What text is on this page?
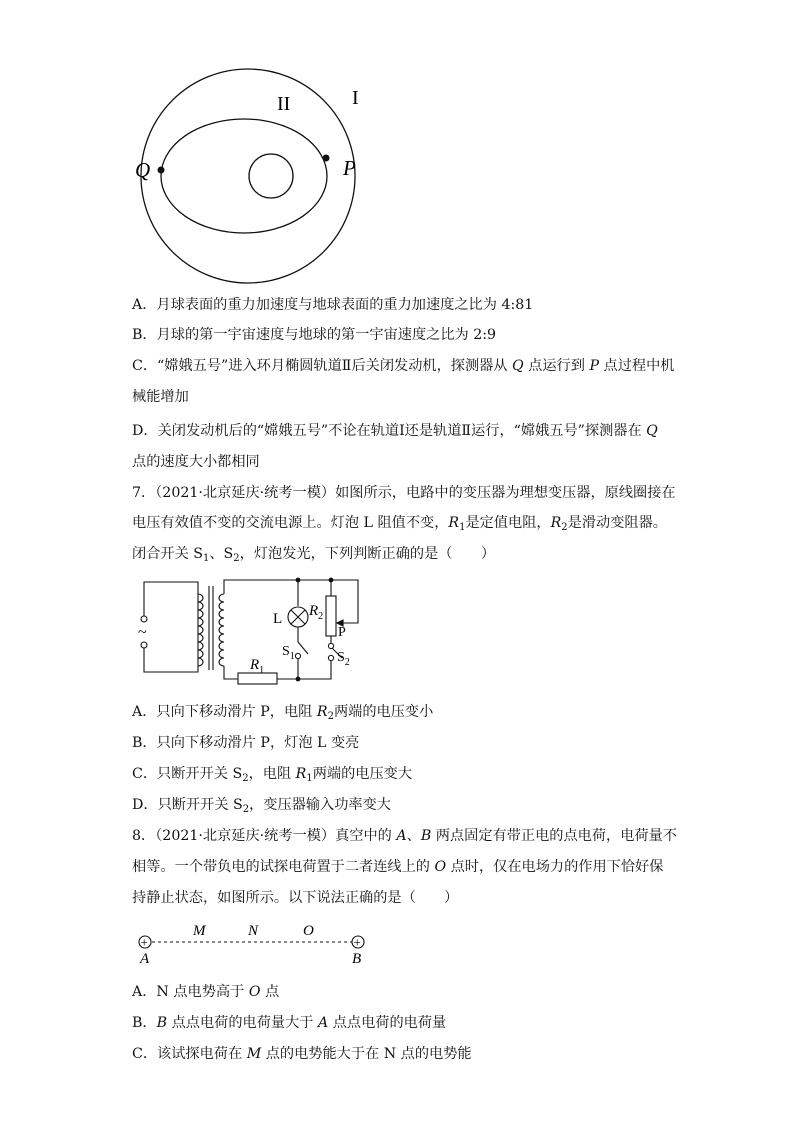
I
II
Q	P
A．月球表面的重力加速度与地球表面的重力加速度之比为 4:81
B．月球的第一宇宙速度与地球的第一宇宙速度之比为 2:9
C．“嫦娥五号”进入环月椭圆轨道Ⅱ后关闭发动机，探测器从 Q 点运行到 P 点过程中机
械能增加
D．关闭发动机后的“嫦娥五号”不论在轨道Ⅰ还是轨道Ⅱ运行，“嫦娥五号”探测器在 Q
点的速度大小都相同
7．（2021·北京延庆·统考一模）如图所示，电路中的变压器为理想变压器，原线圈接在
电压有效值不变的交流电源上。灯泡 L 阻值不变，$R_1$是定值电阻，$R_2$是滑动变阻器。
闭合开关 $S_1$、$S_2$，灯泡发光，下列判断正确的是（　　）
~
L $R_2$
P
$S_1$	$S_2$
$R_1$
A．只向下移动滑片 P，电阻 $R_2$两端的电压变小
B．只向下移动滑片 P，灯泡 L 变亮
C．只断开开关 $S_2$，电阻 $R_1$两端的电压变大
D．只断开开关 $S_2$，变压器输入功率变大
8．（2021·北京延庆·统考一模）真空中的 A、B 两点固定有带正电的点电荷，电荷量不
相等。一个带负电的试探电荷置于二者连线上的 O 点时，仅在电场力的作用下恰好保
持静止状态，如图所示。以下说法正确的是（　　）
+	+
A	B
M	N	O
A．N 点电势高于 O 点
B．B 点点电荷的电荷量大于 A 点点电荷的电荷量
C．该试探电荷在 M 点的电势能大于在 N 点的电势能
